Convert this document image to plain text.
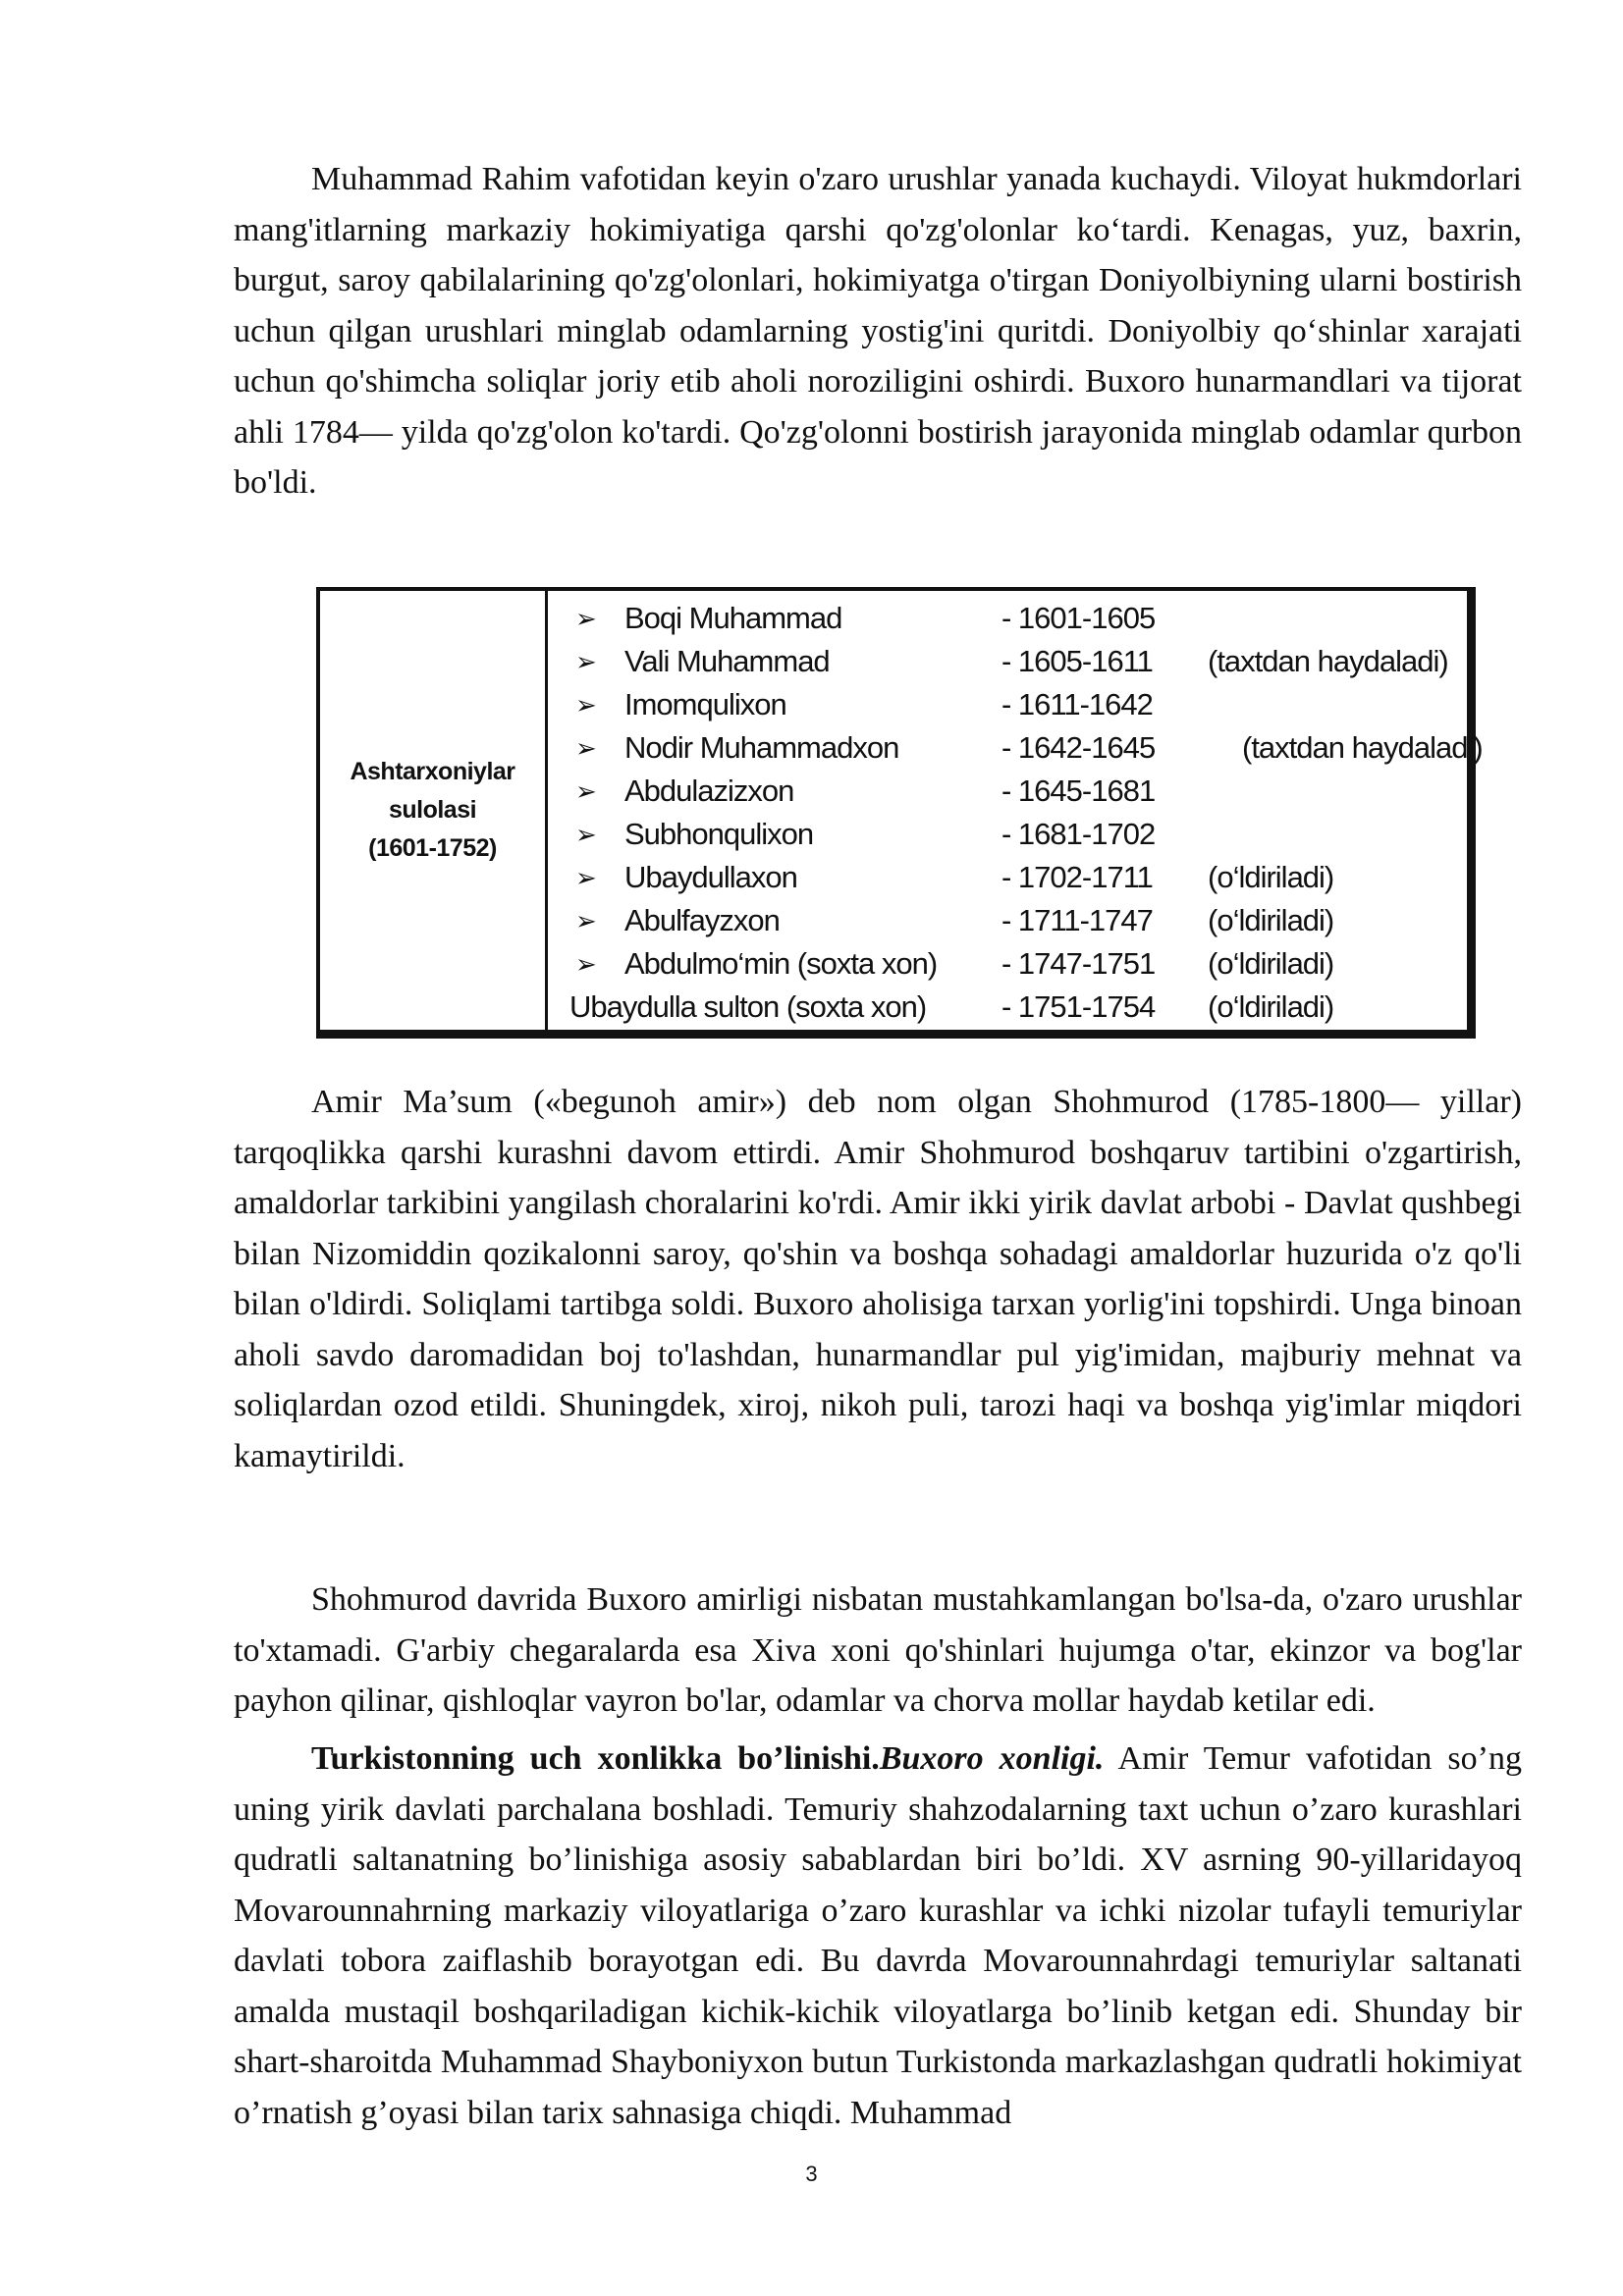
Muhammad Rahim vafotidan keyin o'zaro urushlar yanada kuchaydi. Viloyat hukmdorlari mang'itlarning markaziy hokimiyatiga qarshi qo'zg'olonlar ko‘tardi. Kenagas, yuz, baxrin, burgut, saroy qabilalarining qo'zg'olonlari, hokimiyatga o'tirgan Doniyolbiyning ularni bostirish uchun qilgan urushlari minglab odamlarning yostig'ini quritdi. Doniyolbiy qo‘shinlar xarajati uchun qo'shimcha soliqlar joriy etib aholi noroziligini oshirdi. Buxoro hunarmandlari va tijorat ahli 1784— yilda qo'zg'olon ko'tardi. Qo'zg'olonni bostirish jarayonida minglab odamlar qurbon bo'ldi.

Ashtarxoniylar
sulolasi
(1601-1752)
➢ Boqi Muhammad	- 1601-1605
➢ Vali Muhammad	- 1605-1611 (taxtdan haydaladi)
➢ Imomqulixon	- 1611-1642
➢ Nodir Muhammadxon	- 1642-1645	(taxtdan haydaladi)
➢ Abdulazizxon	- 1645-1681
➢ Subhonqulixon	- 1681-1702
➢ Ubaydullaxon	- 1702-1711 (o‘ldiriladi)
➢ Abulfayzxon	- 1711-1747 (o‘ldiriladi)
➢ Abdulmo‘min (soxta xon) - 1747-1751 (o‘ldiriladi)
Ubaydulla sulton (soxta xon) - 1751-1754 (o‘ldiriladi)

Amir Ma’sum («begunoh amir») deb nom olgan Shohmurod (1785-1800— yillar) tarqoqlikka qarshi kurashni davom ettirdi. Amir Shohmurod boshqaruv tartibini o'zgartirish, amaldorlar tarkibini yangilash choralarini ko'rdi. Amir ikki yirik davlat arbobi - Davlat qushbegi bilan Nizomiddin qozikalonni saroy, qo'shin va boshqa sohadagi amaldorlar huzurida o'z qo'li bilan o'ldirdi. Soliqlami tartibga soldi. Buxoro aholisiga tarxan yorlig'ini topshirdi. Unga binoan aholi savdo daromadidan boj to'lashdan, hunarmandlar pul yig'imidan, majburiy mehnat va soliqlardan ozod etildi. Shuningdek, xiroj, nikoh puli, tarozi haqi va boshqa yig'imlar miqdori kamaytirildi.

Shohmurod davrida Buxoro amirligi nisbatan mustahkamlangan bo'lsa-da, o'zaro urushlar to'xtamadi. G'arbiy chegaralarda esa Xiva xoni qo'shinlari hujumga o'tar, ekinzor va bog'lar payhon qilinar, qishloqlar vayron bo'lar, odamlar va chorva mollar haydab ketilar edi.

Turkistonning uch xonlikka bo’linishi.Buxoro xonligi. Amir Temur vafotidan so’ng uning yirik davlati parchalana boshladi. Temuriy shahzodalarning taxt uchun o’zaro kurashlari qudratli saltanatning bo’linishiga asosiy sabablardan biri bo’ldi. XV asrning 90-yillaridayoq Movarounnahrning markaziy viloyatlariga o’zaro kurashlar va ichki nizolar tufayli temuriylar davlati tobora zaiflashib borayotgan edi. Bu davrda Movarounnahrdagi temuriylar saltanati amalda mustaqil boshqariladigan kichik-kichik viloyatlarga bo’linib ketgan edi. Shunday bir shart-sharoitda Muhammad Shayboniyxon butun Turkistonda markazlashgan qudratli hokimiyat o’rnatish g’oyasi bilan tarix sahnasiga chiqdi. Muhammad

3
